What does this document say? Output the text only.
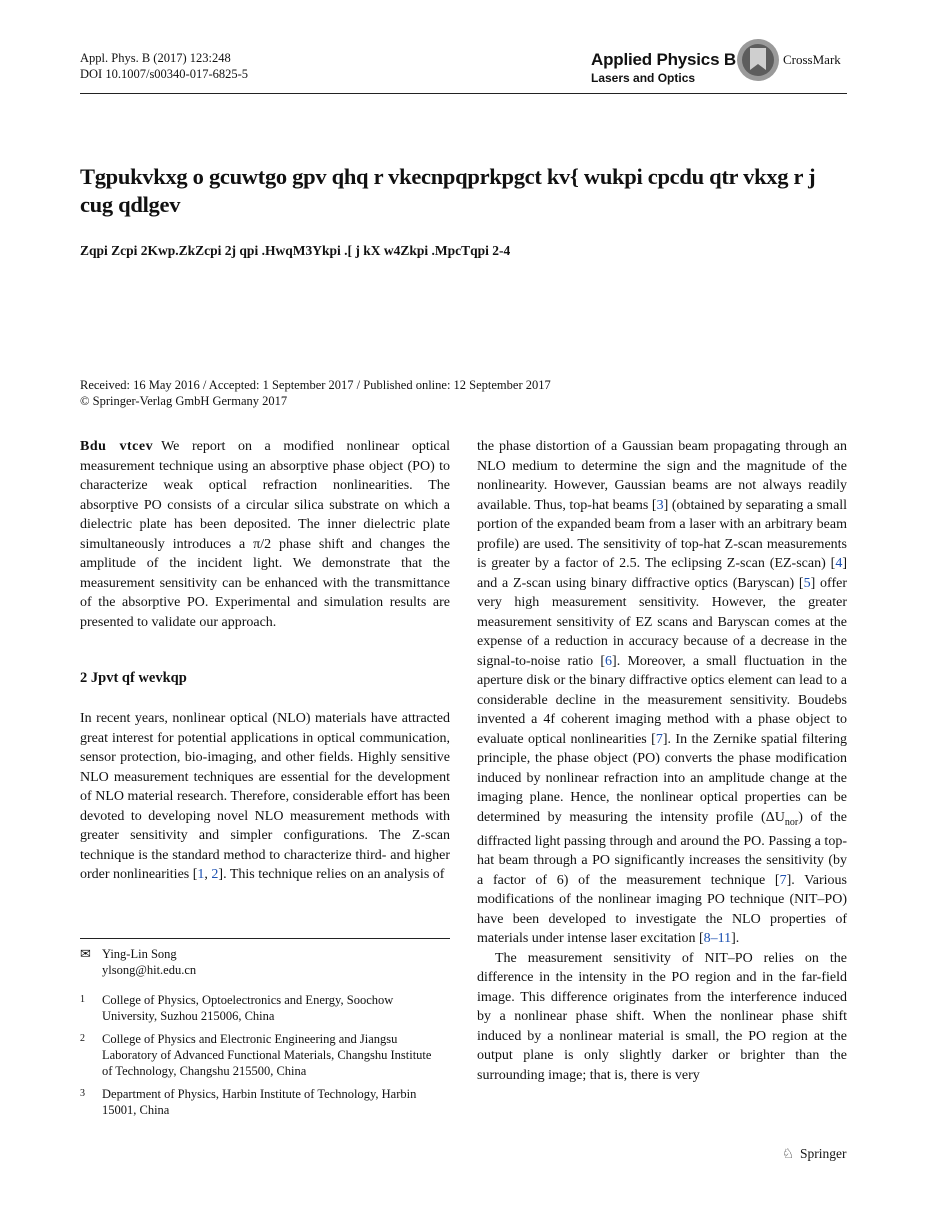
Appl. Phys. B (2017) 123:248
DOI 10.1007/s00340-017-6825-5
Applied Physics B
Lasers and Optics
CrossMark
Tgpukvkxg o gcuwtgo gpv qh​q r vkecnpqprkpgct kv{ wukpi cpc​du qtr vkxg r j cug qdlgev
Zqpi ​Zcpi 2​​Kwp.Zk​Zcpi 2​​j qpi .Hwq​M3​​Ykpi .[ j k​X w4​​Zkpi .Mpc​Tqpi 2-4​
Received: 16 May 2016 / Accepted: 1 September 2017 / Published online: 12 September 2017
© Springer-Verlag GmbH Germany 2017

Bdu vtcev We report on a modified nonlinear optical measurement technique using an absorptive phase object (PO) to characterize weak optical refraction nonlinearities. The absorptive PO consists of a circular silica substrate on which a dielectric plate has been deposited. The inner dielectric plate simultaneously introduces a π/2 phase shift and changes the amplitude of the incident light. We demonstrate that the measurement sensitivity can be enhanced with the transmittance of the absorptive PO. Experimental and simulation results are presented to validate our approach.

2 Jpvt qf wevkqp

In recent years, nonlinear optical (NLO) materials have attracted great interest for potential applications in optical communication, sensor protection, bio-imaging, and other fields. Highly sensitive NLO measurement techniques are essential for the development of NLO material research. Therefore, considerable effort has been devoted to developing novel NLO measurement methods with greater sensitivity and simpler configurations. The Z-scan technique is the standard method to characterize third- and higher order nonlinearities [1, 2]. This technique relies on an analysis of

✉ Ying-Lin Song
ylsong@hit.edu.cn
1 College of Physics, Optoelectronics and Energy, Soochow University, Suzhou 215006, China
2 College of Physics and Electronic Engineering and Jiangsu Laboratory of Advanced Functional Materials, Changshu Institute of Technology, Changshu 215500, China
3 Department of Physics, Harbin Institute of Technology, Harbin 15001, China

the phase distortion of a Gaussian beam propagating through an NLO medium to determine the sign and the magnitude of the nonlinearity. However, Gaussian beams are not always readily available. Thus, top-hat beams [3] (obtained by separating a small portion of the expanded beam from a laser with an arbitrary beam profile) are used. The sensitivity of top-hat Z-scan measurements is greater by a factor of 2.5. The eclipsing Z-scan (EZ-scan) [4] and a Z-scan using binary diffractive optics (Baryscan) [5] offer very high measurement sensitivity. However, the greater measurement sensitivity of EZ scans and Baryscan comes at the expense of a reduction in accuracy because of a decrease in the signal-to-noise ratio [6]. Moreover, a small fluctuation in the aperture disk or the binary diffractive optics element can lead to a considerable decline in the measurement sensitivity. Boudebs invented a 4f coherent imaging method with a phase object to evaluate optical nonlinearities [7]. In the Zernike spatial filtering principle, the phase object (PO) converts the phase modification induced by nonlinear refraction into an amplitude change at the imaging plane. Hence, the nonlinear optical properties can be determined by measuring the intensity profile $(\Delta U_{nor})$ of the diffracted light passing through and around the PO. Passing a top-hat beam through a PO significantly increases the sensitivity (by a factor of 6) of the measurement technique [7]. Various modifications of the nonlinear imaging PO technique (NIT–PO) have been developed to investigate the NLO properties of materials under intense laser excitation [8–11].

The measurement sensitivity of NIT–PO relies on the difference in the intensity in the PO region and in the far-field image. This difference originates from the interference induced by a nonlinear phase shift. When the nonlinear phase shift induced by a nonlinear material is small, the PO region at the output plane is only slightly darker or brighter than the surrounding image; that is, there is very

♘ Springer
